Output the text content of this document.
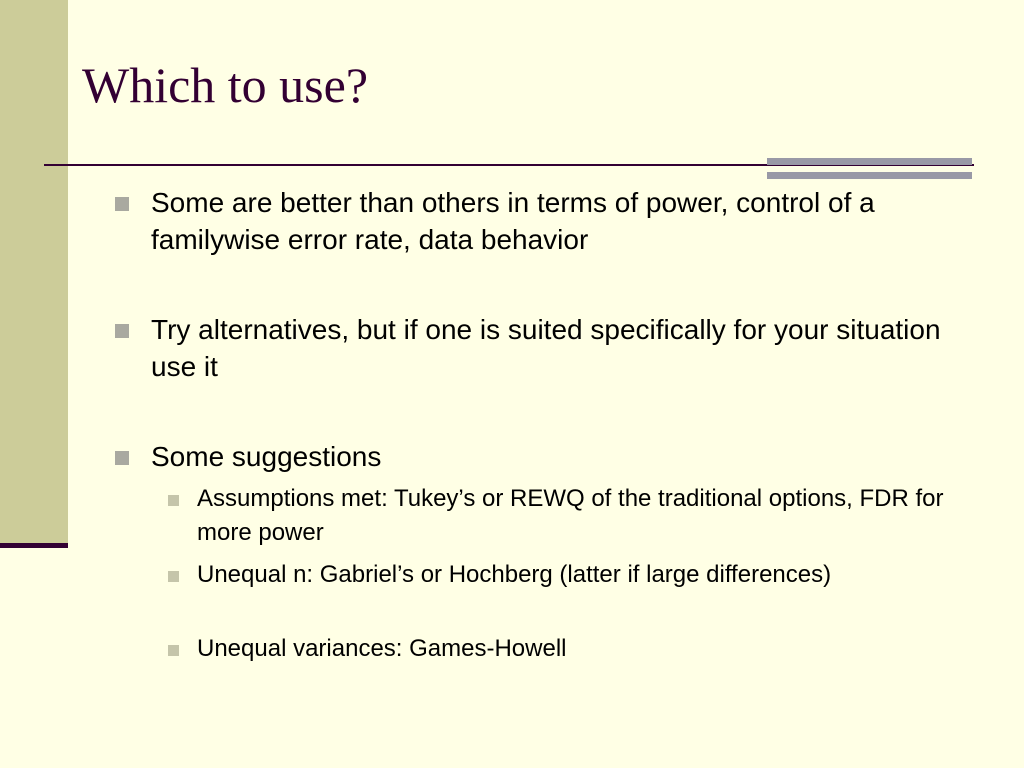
Which to use?
Some are better than others in terms of power, control of a familywise error rate, data behavior
Try alternatives, but if one is suited specifically for your situation use it
Some suggestions
Assumptions met: Tukey’s or REWQ of the traditional options, FDR for more power
Unequal n: Gabriel’s or Hochberg (latter if large differences)
Unequal variances: Games-Howell
